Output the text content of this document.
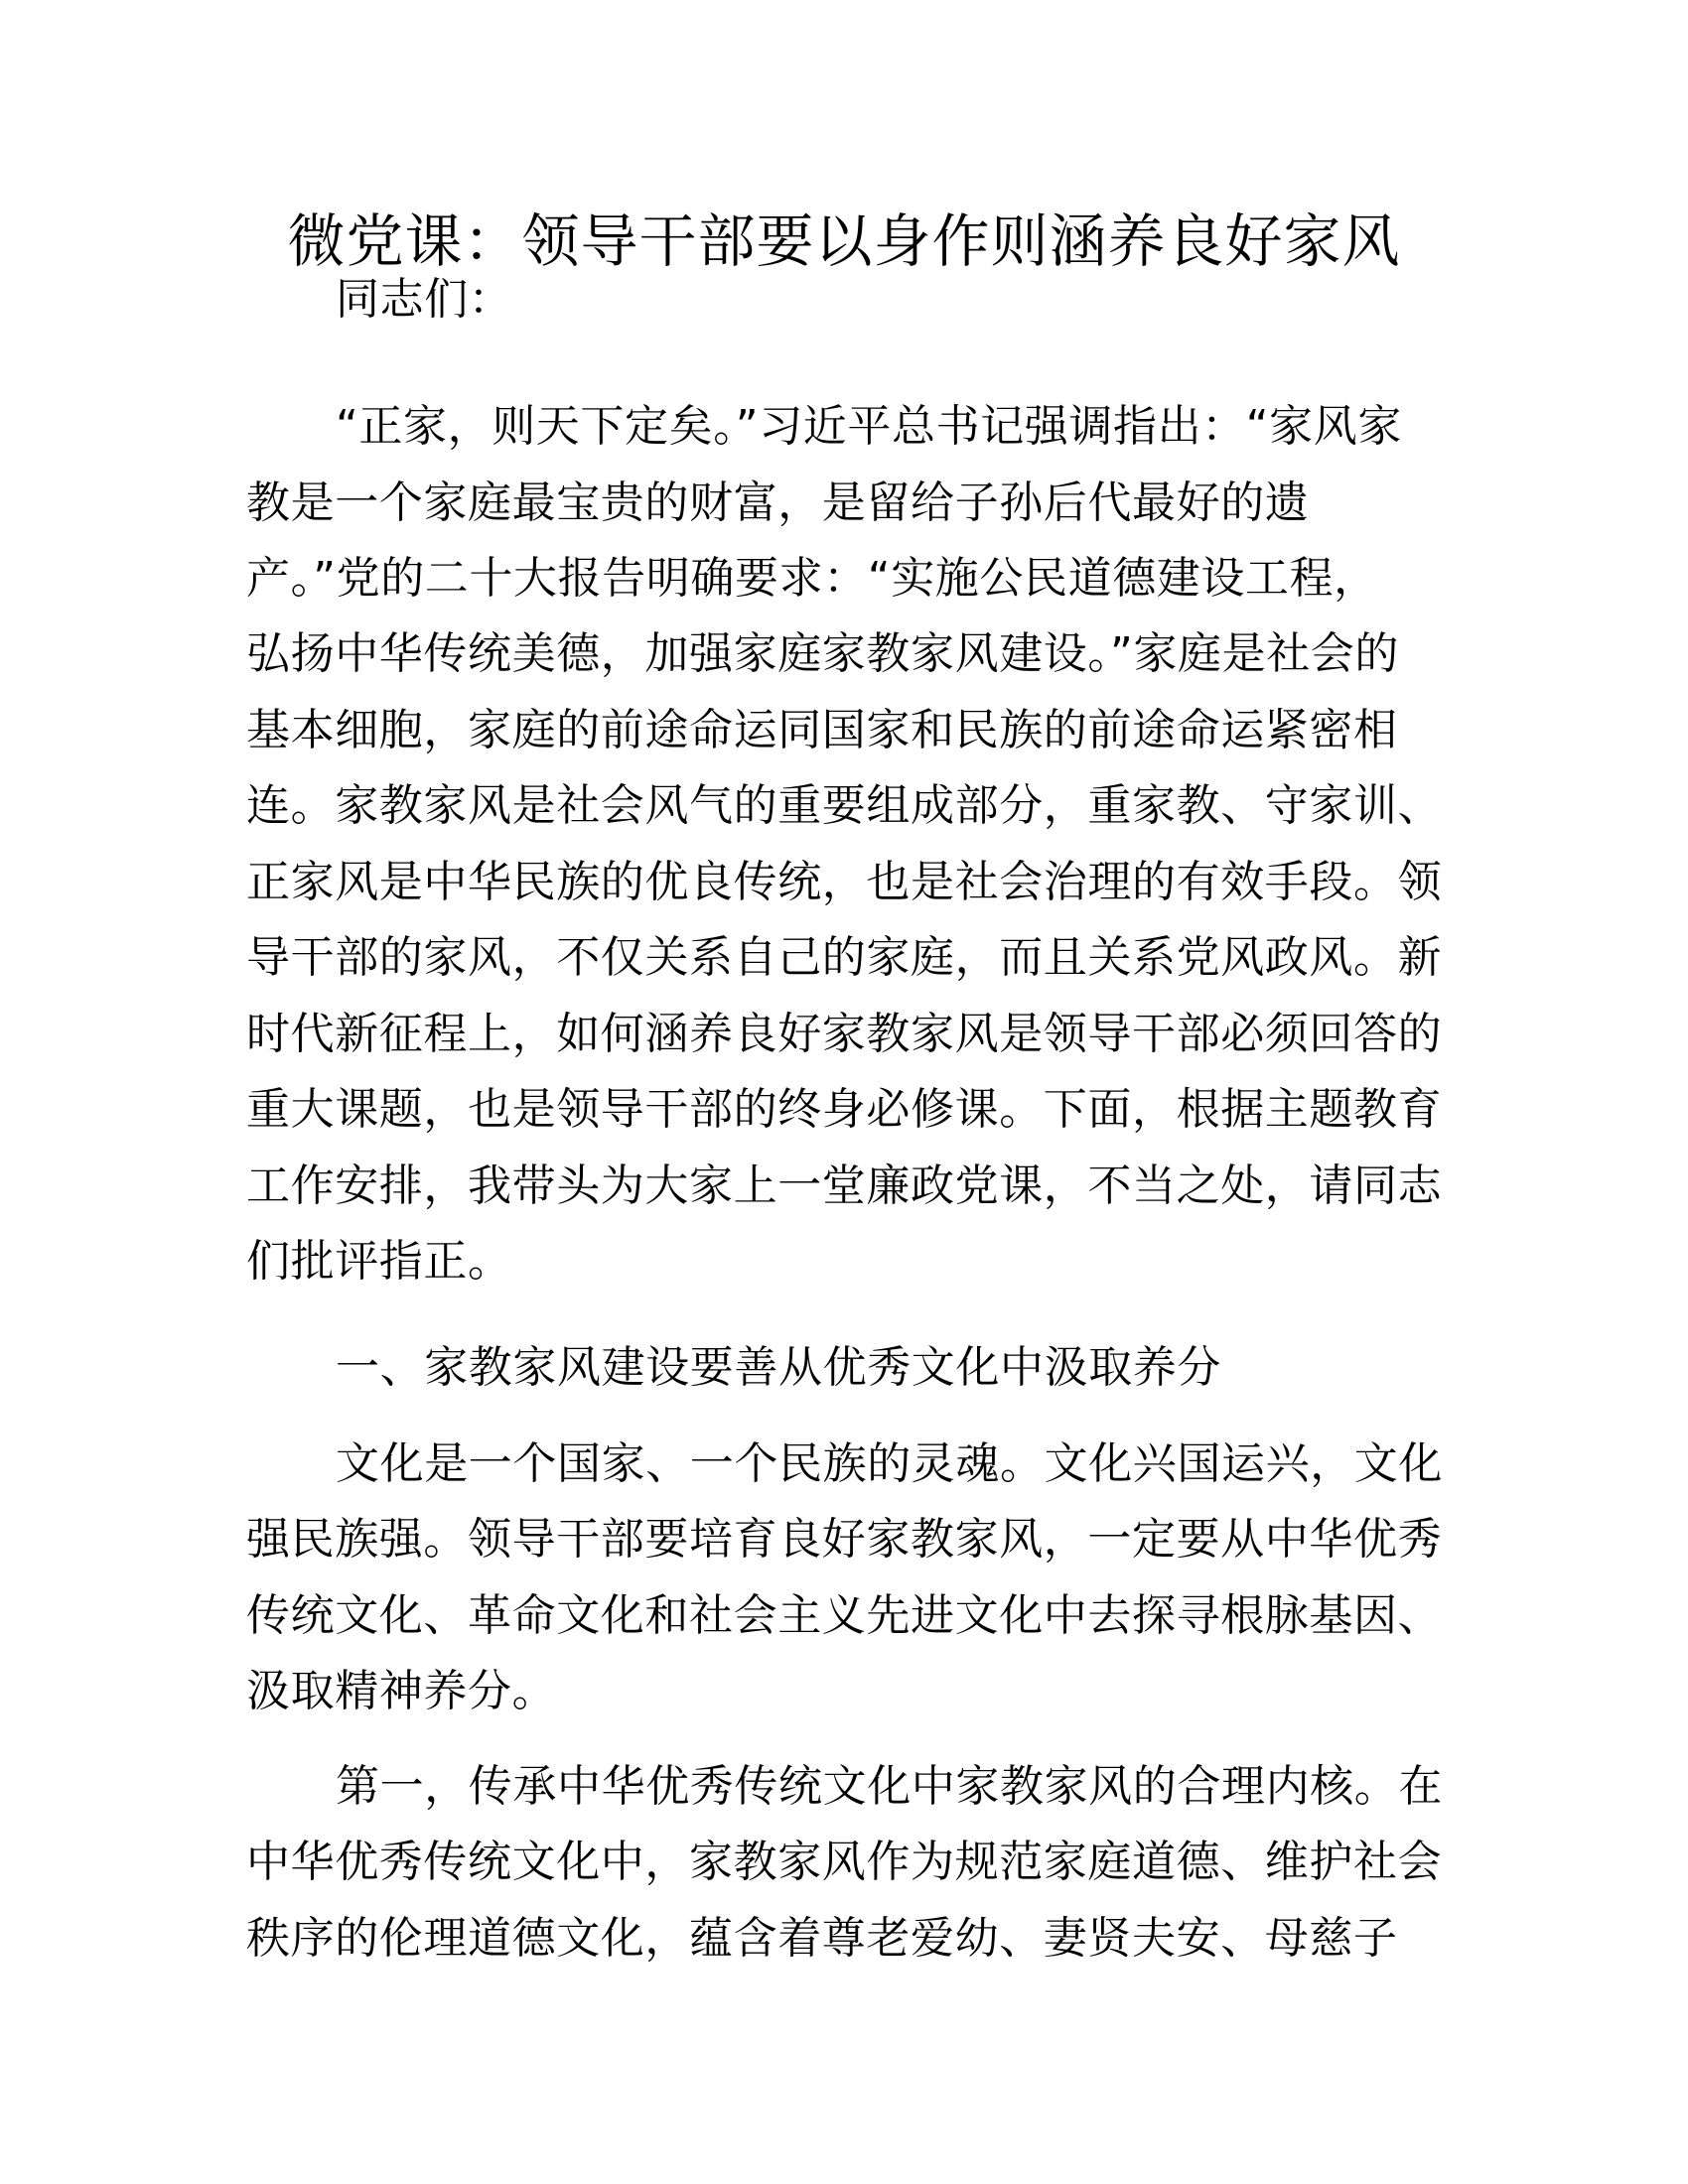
微党课：领导干部要以身作则涵养良好家风
同志们：
“正家，则天下定矣。”习近平总书记强调指出：“家风家
教是一个家庭最宝贵的财富，是留给子孙后代最好的遗
产。”党的二十大报告明确要求：“实施公民道德建设工程，
弘扬中华传统美德，加强家庭家教家风建设。”家庭是社会的
基本细胞，家庭的前途命运同国家和民族的前途命运紧密相
连。家教家风是社会风气的重要组成部分，重家教、守家训、
正家风是中华民族的优良传统，也是社会治理的有效手段。领
导干部的家风，不仅关系自己的家庭，而且关系党风政风。新
时代新征程上，如何涵养良好家教家风是领导干部必须回答的
重大课题，也是领导干部的终身必修课。下面，根据主题教育
工作安排，我带头为大家上一堂廉政党课，不当之处，请同志
们批评指正。
一、家教家风建设要善从优秀文化中汲取养分
文化是一个国家、一个民族的灵魂。文化兴国运兴，文化
强民族强。领导干部要培育良好家教家风，一定要从中华优秀
传统文化、革命文化和社会主义先进文化中去探寻根脉基因、
汲取精神养分。
第一，传承中华优秀传统文化中家教家风的合理内核。在
中华优秀传统文化中，家教家风作为规范家庭道德、维护社会
秩序的伦理道德文化，蕴含着尊老爱幼、妻贤夫安、母慈子
